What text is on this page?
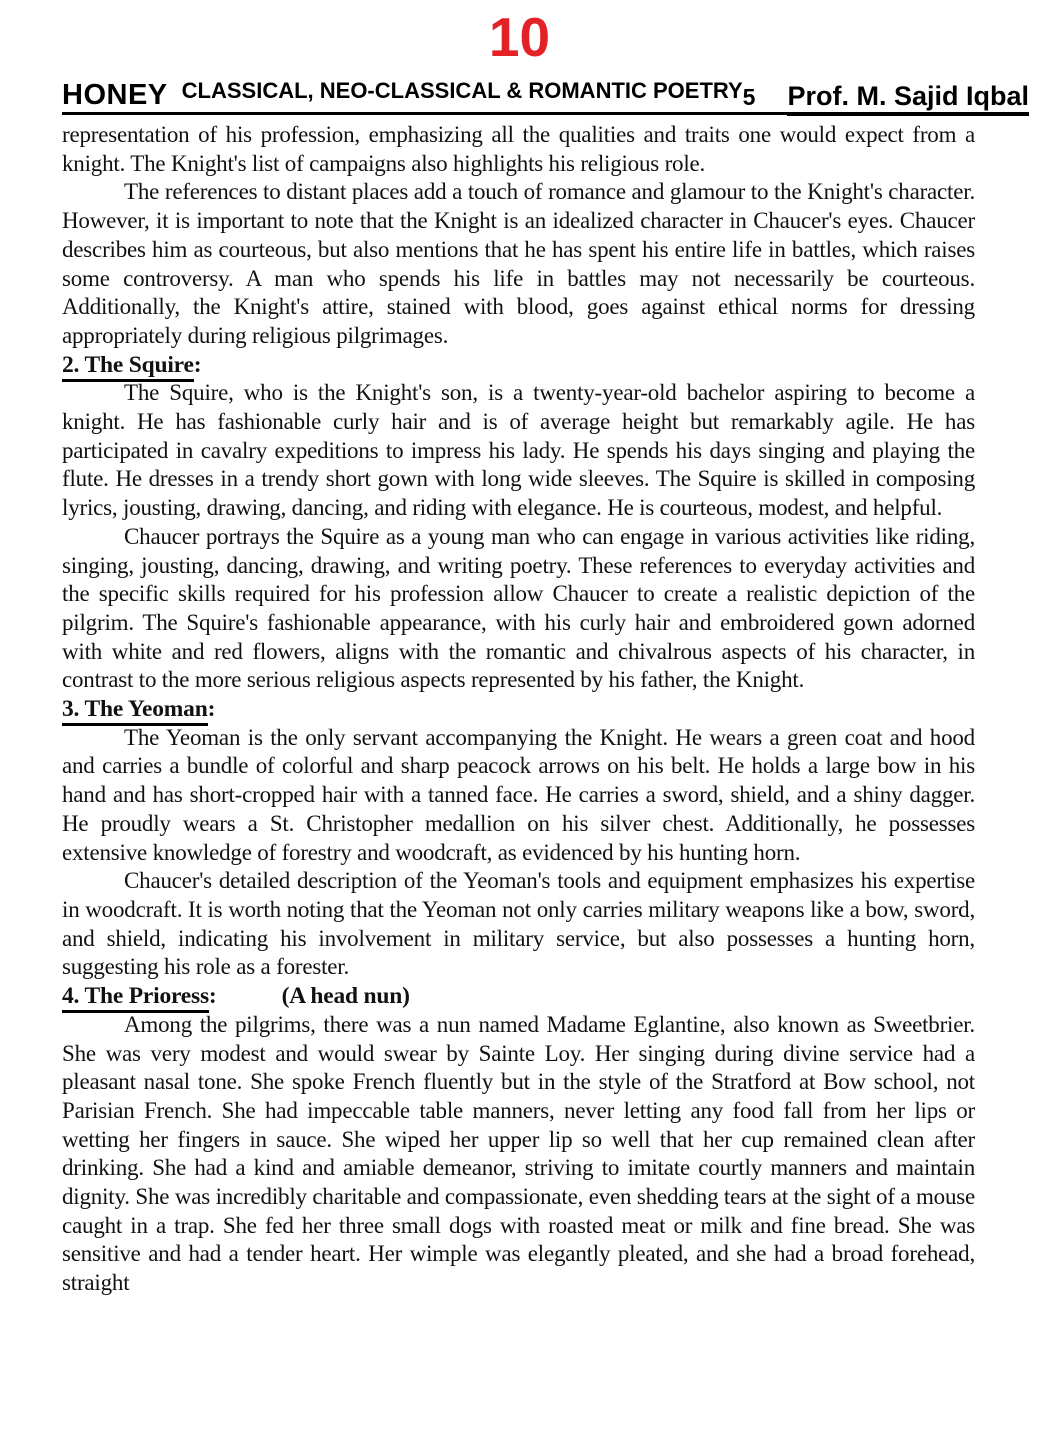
10
HONEY CLASSICAL, NEO-CLASSICAL & ROMANTIC POETRY 5 Prof. M. Sajid Iqbal

representation of his profession, emphasizing all the qualities and traits one would expect from a knight. The Knight's list of campaigns also highlights his religious role.

The references to distant places add a touch of romance and glamour to the Knight's character. However, it is important to note that the Knight is an idealized character in Chaucer's eyes. Chaucer describes him as courteous, but also mentions that he has spent his entire life in battles, which raises some controversy. A man who spends his life in battles may not necessarily be courteous. Additionally, the Knight's attire, stained with blood, goes against ethical norms for dressing appropriately during religious pilgrimages.

2. The Squire:

The Squire, who is the Knight's son, is a twenty-year-old bachelor aspiring to become a knight. He has fashionable curly hair and is of average height but remarkably agile. He has participated in cavalry expeditions to impress his lady. He spends his days singing and playing the flute. He dresses in a trendy short gown with long wide sleeves. The Squire is skilled in composing lyrics, jousting, drawing, dancing, and riding with elegance. He is courteous, modest, and helpful.

Chaucer portrays the Squire as a young man who can engage in various activities like riding, singing, jousting, dancing, drawing, and writing poetry. These references to everyday activities and the specific skills required for his profession allow Chaucer to create a realistic depiction of the pilgrim. The Squire's fashionable appearance, with his curly hair and embroidered gown adorned with white and red flowers, aligns with the romantic and chivalrous aspects of his character, in contrast to the more serious religious aspects represented by his father, the Knight.

3. The Yeoman:

The Yeoman is the only servant accompanying the Knight. He wears a green coat and hood and carries a bundle of colorful and sharp peacock arrows on his belt. He holds a large bow in his hand and has short-cropped hair with a tanned face. He carries a sword, shield, and a shiny dagger. He proudly wears a St. Christopher medallion on his silver chest. Additionally, he possesses extensive knowledge of forestry and woodcraft, as evidenced by his hunting horn.

Chaucer's detailed description of the Yeoman's tools and equipment emphasizes his expertise in woodcraft. It is worth noting that the Yeoman not only carries military weapons like a bow, sword, and shield, indicating his involvement in military service, but also possesses a hunting horn, suggesting his role as a forester.

4. The Prioress:	(A head nun)

Among the pilgrims, there was a nun named Madame Eglantine, also known as Sweetbrier. She was very modest and would swear by Sainte Loy. Her singing during divine service had a pleasant nasal tone. She spoke French fluently but in the style of the Stratford at Bow school, not Parisian French. She had impeccable table manners, never letting any food fall from her lips or wetting her fingers in sauce. She wiped her upper lip so well that her cup remained clean after drinking. She had a kind and amiable demeanor, striving to imitate courtly manners and maintain dignity. She was incredibly charitable and compassionate, even shedding tears at the sight of a mouse caught in a trap. She fed her three small dogs with roasted meat or milk and fine bread. She was sensitive and had a tender heart. Her wimple was elegantly pleated, and she had a broad forehead, straight
